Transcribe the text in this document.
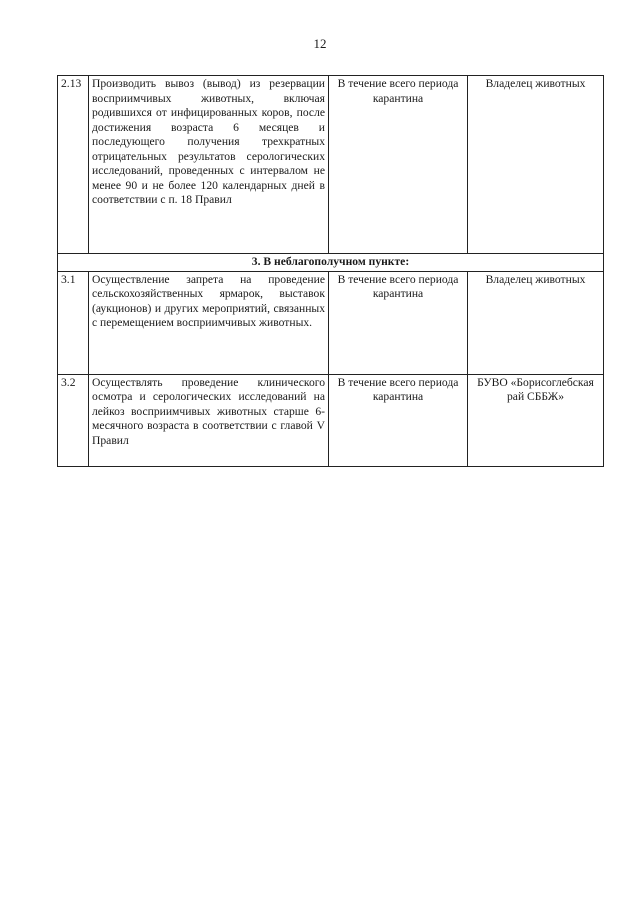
12
2.13	Производить вывоз (вывод) из резервации восприимчивых животных, включая родившихся от инфицированных коров, после достижения возраста 6 месяцев и последующего получения трехкратных отрицательных результатов серологических исследований, проведенных с интервалом не менее 90 и не более 120 календарных дней в соответствии с п. 18 Правил	В течение всего периода карантина	Владелец животных
3. В неблагополучном пункте:			
3.1	Осуществление запрета на проведение сельскохозяйственных ярмарок, выставок (аукционов) и других мероприятий, связанных с перемещением восприимчивых животных.	В течение всего периода карантина	Владелец животных
3.2	Осуществлять проведение клинического осмотра и серологических исследований на лейкоз восприимчивых животных старше 6-месячного возраста в соответствии с главой V Правил	В течение всего периода карантина	БУВО «Борисоглебская рай СББЖ»
